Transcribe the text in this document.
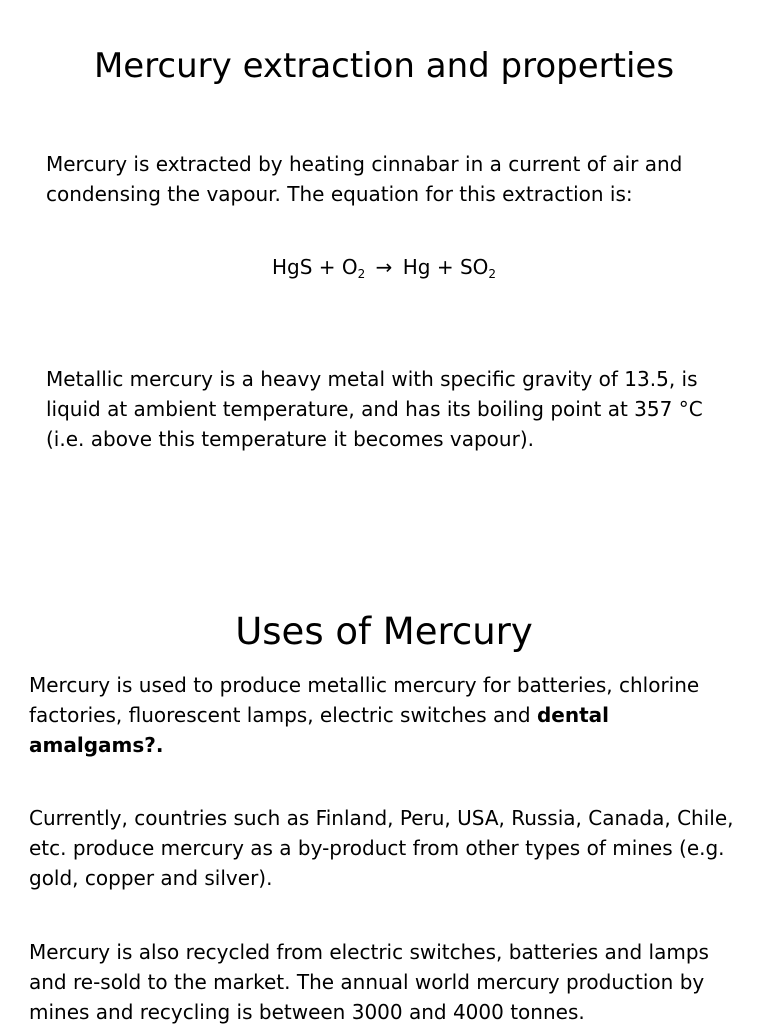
Mercury extraction and properties

Mercury is extracted by heating cinnabar in a current of air and condensing the vapour. The equation for this extraction is:

HgS + $O_2 \to Hg + SO_2$

Metallic mercury is a heavy metal with specific gravity of 13.5, is liquid at ambient temperature, and has its boiling point at 357 °C (i.e. above this temperature it becomes vapour).

Uses of Mercury

Mercury is used to produce metallic mercury for batteries, chlorine factories, fluorescent lamps, electric switches and dental amalgams?.

Currently, countries such as Finland, Peru, USA, Russia, Canada, Chile, etc. produce mercury as a by-product from other types of mines (e.g. gold, copper and silver).

Mercury is also recycled from electric switches, batteries and lamps and re-sold to the market. The annual world mercury production by mines and recycling is between 3000 and 4000 tonnes.
